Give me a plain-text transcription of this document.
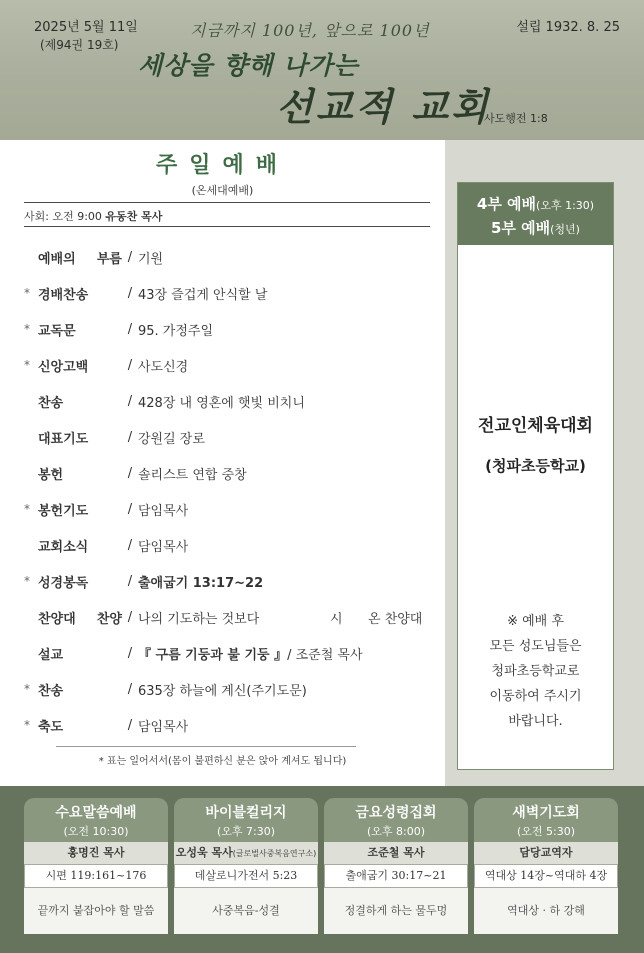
2025년 5월 11일
(제94권 19호)
설립 1932. 8. 25
지금까지 100년, 앞으로 100년
세상을 향해 나가는
선교적 교회
사도행전 1:8
주일예배
(온세대예배)
사회: 오전 9:00 유동찬 목사
예배의 부름 / 기원
* 경배찬송	/ 43장 즐겁게 안식할 날
* 교독문	/ 95. 가정주일
* 신앙고백	/ 사도신경
찬송	/ 428장 내 영혼에 햇빛 비치니
대표기도	/ 강원길 장로
봉헌	/ 솔리스트 연합 중창
* 봉헌기도	/ 담임목사
교회소식	/ 담임목사
* 성경봉독	/ 출애굽기 13:17~22
찬양대 찬양 / 나의 기도하는 것보다	시 온 찬양대
설교	/ 『 구름 기둥과 불 기둥 』 / 조준철 목사
* 찬송	/ 635장 하늘에 계신(주기도문)
* 축도	/ 담임목사
* 표는 일어서서(몸이 불편하신 분은 앉아 계셔도 됩니다)
4부 예배(오후 1:30)
5부 예배(청년)
전교인체육대회
(청파초등학교)
※ 예배 후
모든 성도님들은
청파초등학교로
이동하여 주시기
바랍니다.
수요말씀예배
(오전 10:30)
홍명진 목사
시편 119:161~176
끝까지 붙잡아야 할 말씀
바이블컬리지
(오후 7:30)
오성욱 목사(글로벌사중복음연구소)
데살로니가전서 5:23
사중복음-성결
금요성령집회
(오후 8:00)
조준철 목사
출애굽기 30:17~21
정결하게 하는 물두멍
새벽기도회
(오전 5:30)
담당교역자
역대상 14장~역대하 4장
역대상 · 하 강해
